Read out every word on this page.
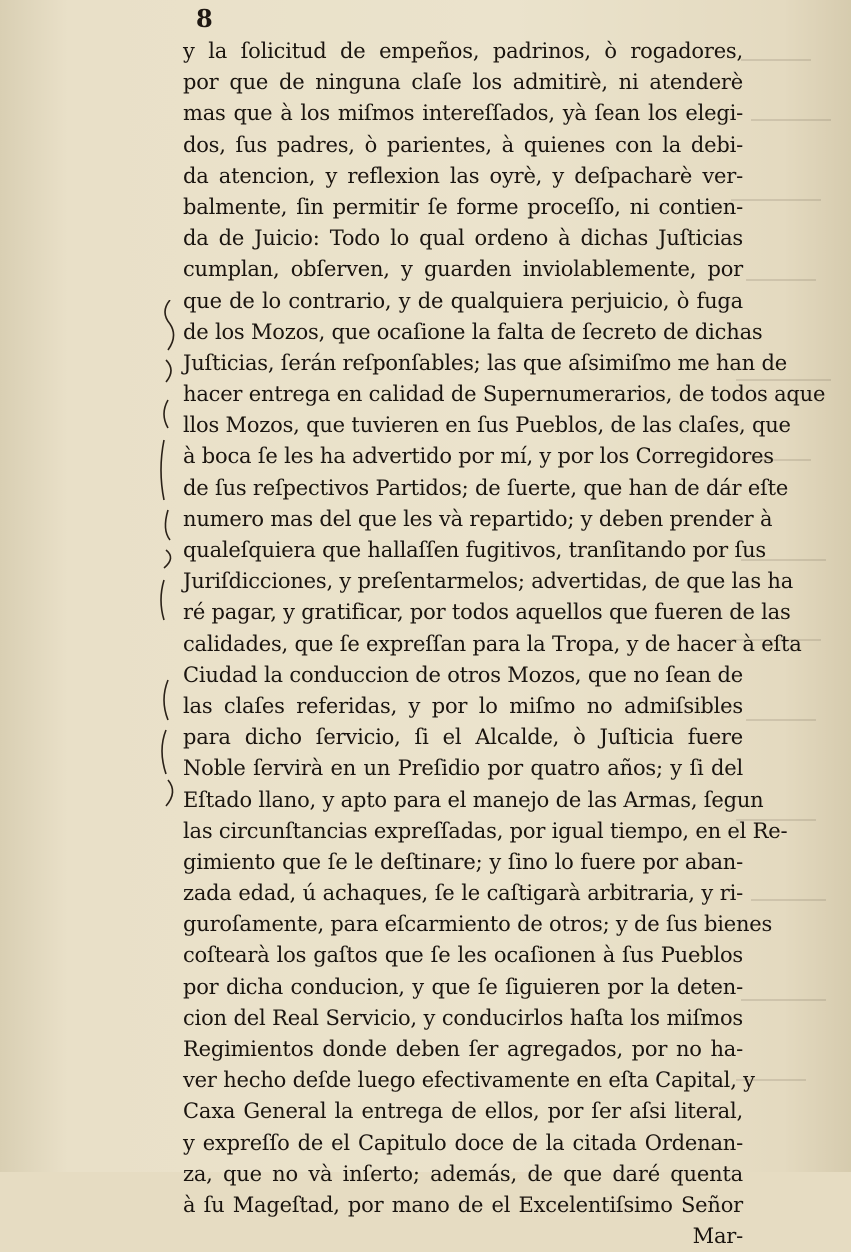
8
y la ſolicitud de empeños, padrinos, ò rogadores,
por que de ninguna claſe los admitirè, ni atenderè
mas que à los miſmos intereſſados, yà ſean los elegi-
dos, ſus padres, ò parientes, à quienes con la debi-
da atencion, y reflexion las oyrè, y deſpacharè ver-
balmente, ſin permitir ſe forme proceſſo, ni contien-
da de Juicio: Todo lo qual ordeno à dichas Juſticias
cumplan, obſerven, y guarden inviolablemente, por
que de lo contrario, y de qualquiera perjuicio, ò fuga
de los Mozos, que ocaſione la falta de ſecreto de dichas
Juſticias, ſerán reſponſables; las que aſsimiſmo me han de
hacer entrega en calidad de Supernumerarios, de todos aque
llos Mozos, que tuvieren en ſus Pueblos, de las claſes, que
à boca ſe les ha advertido por mí, y por los Corregidores
de ſus reſpectivos Partidos; de ſuerte, que han de dár eſte
numero mas del que les và repartido; y deben prender à
qualeſquiera que hallaſſen fugitivos, tranſitando por ſus
Juriſdicciones, y preſentarmelos; advertidas, de que las ha
ré pagar, y gratificar, por todos aquellos que fueren de las
calidades, que ſe expreſſan para la Tropa, y de hacer à eſta
Ciudad la conduccion de otros Mozos, que no ſean de
las claſes referidas, y por lo miſmo no admiſsibles
para dicho ſervicio, ſi el Alcalde, ò Juſticia fuere
Noble ſervirà en un Preſidio por quatro años; y ſi del
Eſtado llano, y apto para el manejo de las Armas, ſegun
las circunſtancias expreſſadas, por igual tiempo, en el Re-
gimiento que ſe le deſtinare; y ſino lo fuere por aban-
zada edad, ú achaques, ſe le caſtigarà arbitraria, y ri-
guroſamente, para eſcarmiento de otros; y de ſus bienes
coſtearà los gaſtos que ſe les ocaſionen à ſus Pueblos
por dicha conducion, y que ſe ſiguieren por la deten-
cion del Real Servicio, y conducirlos haſta los miſmos
Regimientos donde deben ſer agregados, por no ha-
ver hecho deſde luego efectivamente en eſta Capital, y
Caxa General la entrega de ellos, por ſer aſsi literal,
y expreſſo de el Capitulo doce de la citada Ordenan-
za, que no và inſerto; además, de que daré quenta
à ſu Mageſtad, por mano de el Excelentiſsimo Señor
Mar-
